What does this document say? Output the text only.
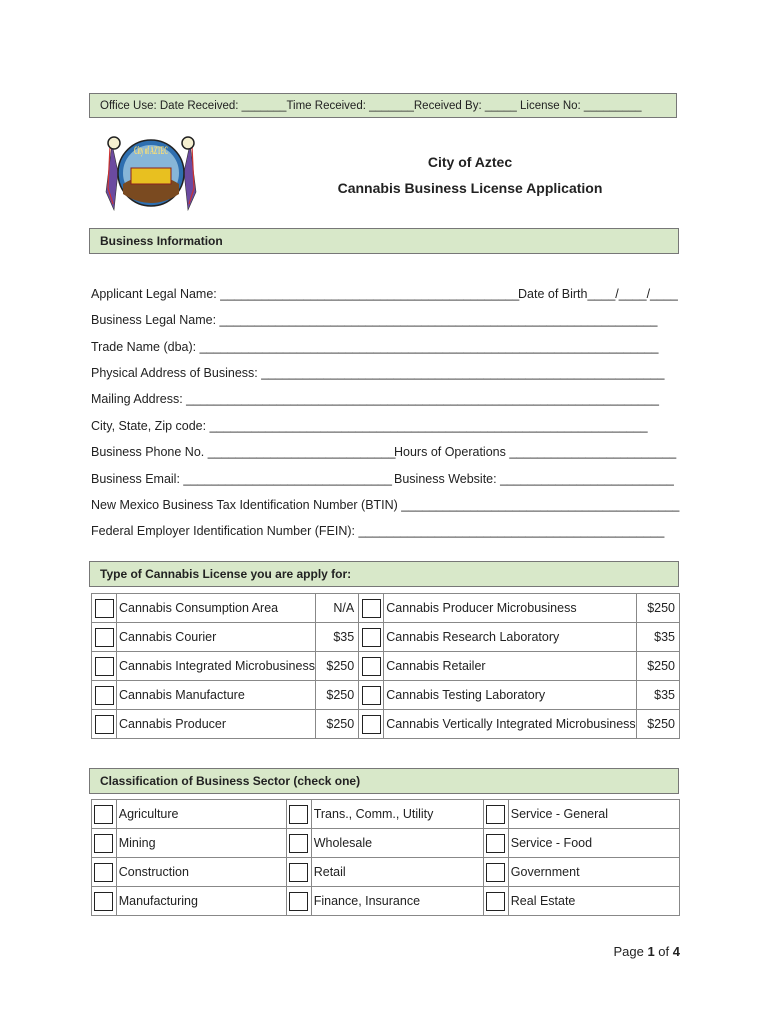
Office Use: Date Received: _______Time Received: _______Received By: _____ License No: _________
City of AZTEC

City of Aztec

Cannabis Business License Application

Business Information
Applicant Legal Name: ___________________________________________
Date of Birth____/____/____
Business Legal Name: _______________________________________________________________
Trade Name (dba): __________________________________________________________________
Physical Address of Business: __________________________________________________________
Mailing Address: ____________________________________________________________________
City, State, Zip code: _______________________________________________________________
Business Phone No. ___________________________
Hours of Operations ________________________
Business Email: ______________________________ Business Website: _________________________
New Mexico Business Tax Identification Number (BTIN) ________________________________________
Federal Employer Identification Number (FEIN): ____________________________________________
Type of Cannabis License you are apply for:
	Cannabis Consumption Area	N/A		Cannabis Producer Microbusiness	$250
	Cannabis Courier	$35		Cannabis Research Laboratory	$35
	Cannabis Integrated Microbusiness	$250		Cannabis Retailer	$250
	Cannabis Manufacture	$250		Cannabis Testing Laboratory	$35
	Cannabis Producer	$250		Cannabis Vertically Integrated Microbusiness	$250
Classification of Business Sector (check one)
	Agriculture		Trans., Comm., Utility		Service - General
	Mining		Wholesale		Service - Food
	Construction		Retail		Government
	Manufacturing		Finance, Insurance		Real Estate
Page 1 of 4
